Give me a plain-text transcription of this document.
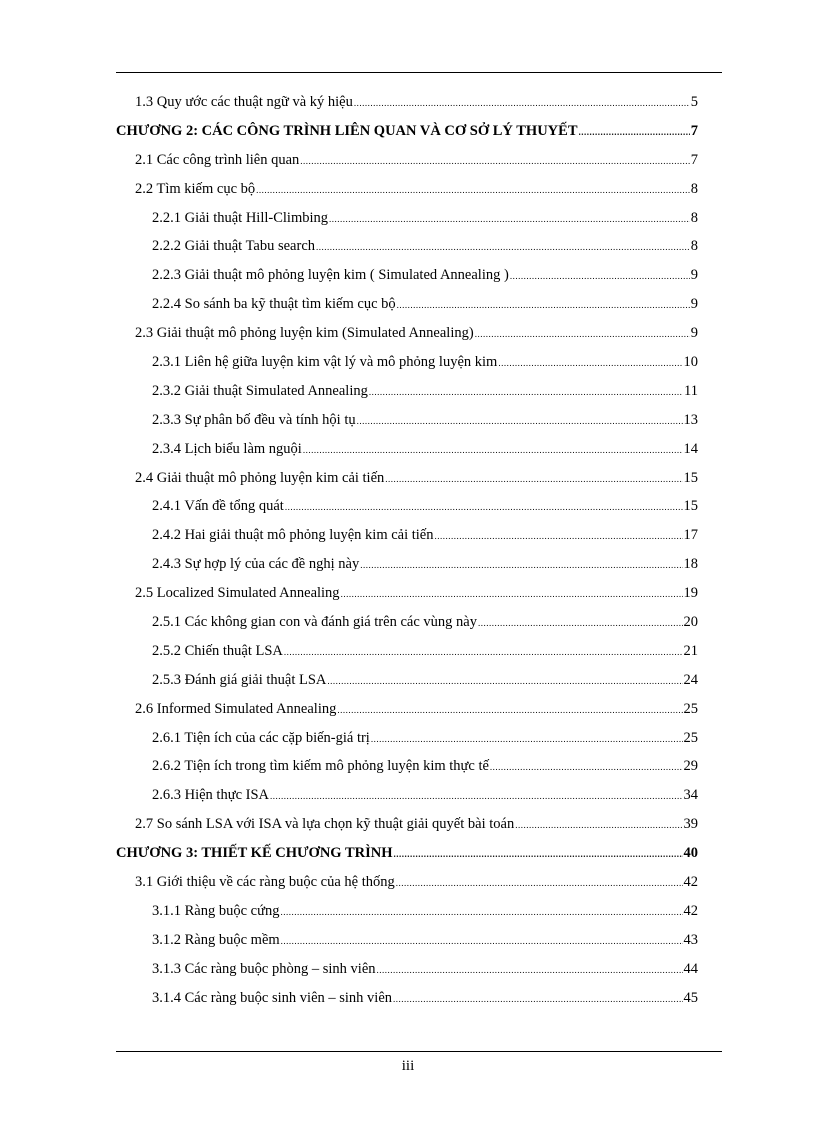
1.3 Quy ước các thuật ngữ và ký hiệu .....	5
CHƯƠNG 2: CÁC CÔNG TRÌNH LIÊN QUAN VÀ CƠ SỞ LÝ THUYẾT .....	7
2.1 Các công trình liên quan .....	7
2.2 Tìm kiếm cục bộ .....	8
2.2.1 Giải thuật Hill-Climbing .....	8
2.2.2 Giải thuật Tabu search .....	8
2.2.3 Giải thuật mô phỏng luyện kim ( Simulated Annealing ) .....	9
2.2.4 So sánh ba kỹ thuật tìm kiếm cục bộ .....	9
2.3 Giải thuật mô phỏng luyện kim (Simulated Annealing) .....	9
2.3.1 Liên hệ giữa luyện kim vật lý và mô phỏng luyện kim .....	10
2.3.2 Giải thuật Simulated Annealing .....	11
2.3.3 Sự phân bố đều và tính hội tụ .....	13
2.3.4 Lịch biểu làm nguội .....	14
2.4 Giải thuật mô phỏng luyện kim cải tiến .....	15
2.4.1 Vấn đề tổng quát .....	15
2.4.2 Hai giải thuật mô phỏng luyện kim cải tiến .....	17
2.4.3 Sự hợp lý của các đề nghị này .....	18
2.5 Localized Simulated Annealing .....	19
2.5.1 Các không gian con và đánh giá trên các vùng này .....	20
2.5.2 Chiến thuật LSA .....	21
2.5.3 Đánh giá giải thuật LSA .....	24
2.6 Informed Simulated Annealing .....	25
2.6.1 Tiện ích của các cặp biến-giá trị .....	25
2.6.2 Tiện ích trong tìm kiếm mô phỏng luyện kim thực tế .....	29
2.6.3 Hiện thực ISA .....	34
2.7 So sánh LSA với ISA và lựa chọn kỹ thuật giải quyết bài toán .....	39
CHƯƠNG 3: THIẾT KẾ CHƯƠNG TRÌNH .....	40
3.1 Giới thiệu về các ràng buộc của hệ thống .....	42
3.1.1 Ràng buộc cứng .....	42
3.1.2 Ràng buộc mềm .....	43
3.1.3 Các ràng buộc phòng – sinh viên .....	44
3.1.4 Các ràng buộc sinh viên – sinh viên .....	45
iii
